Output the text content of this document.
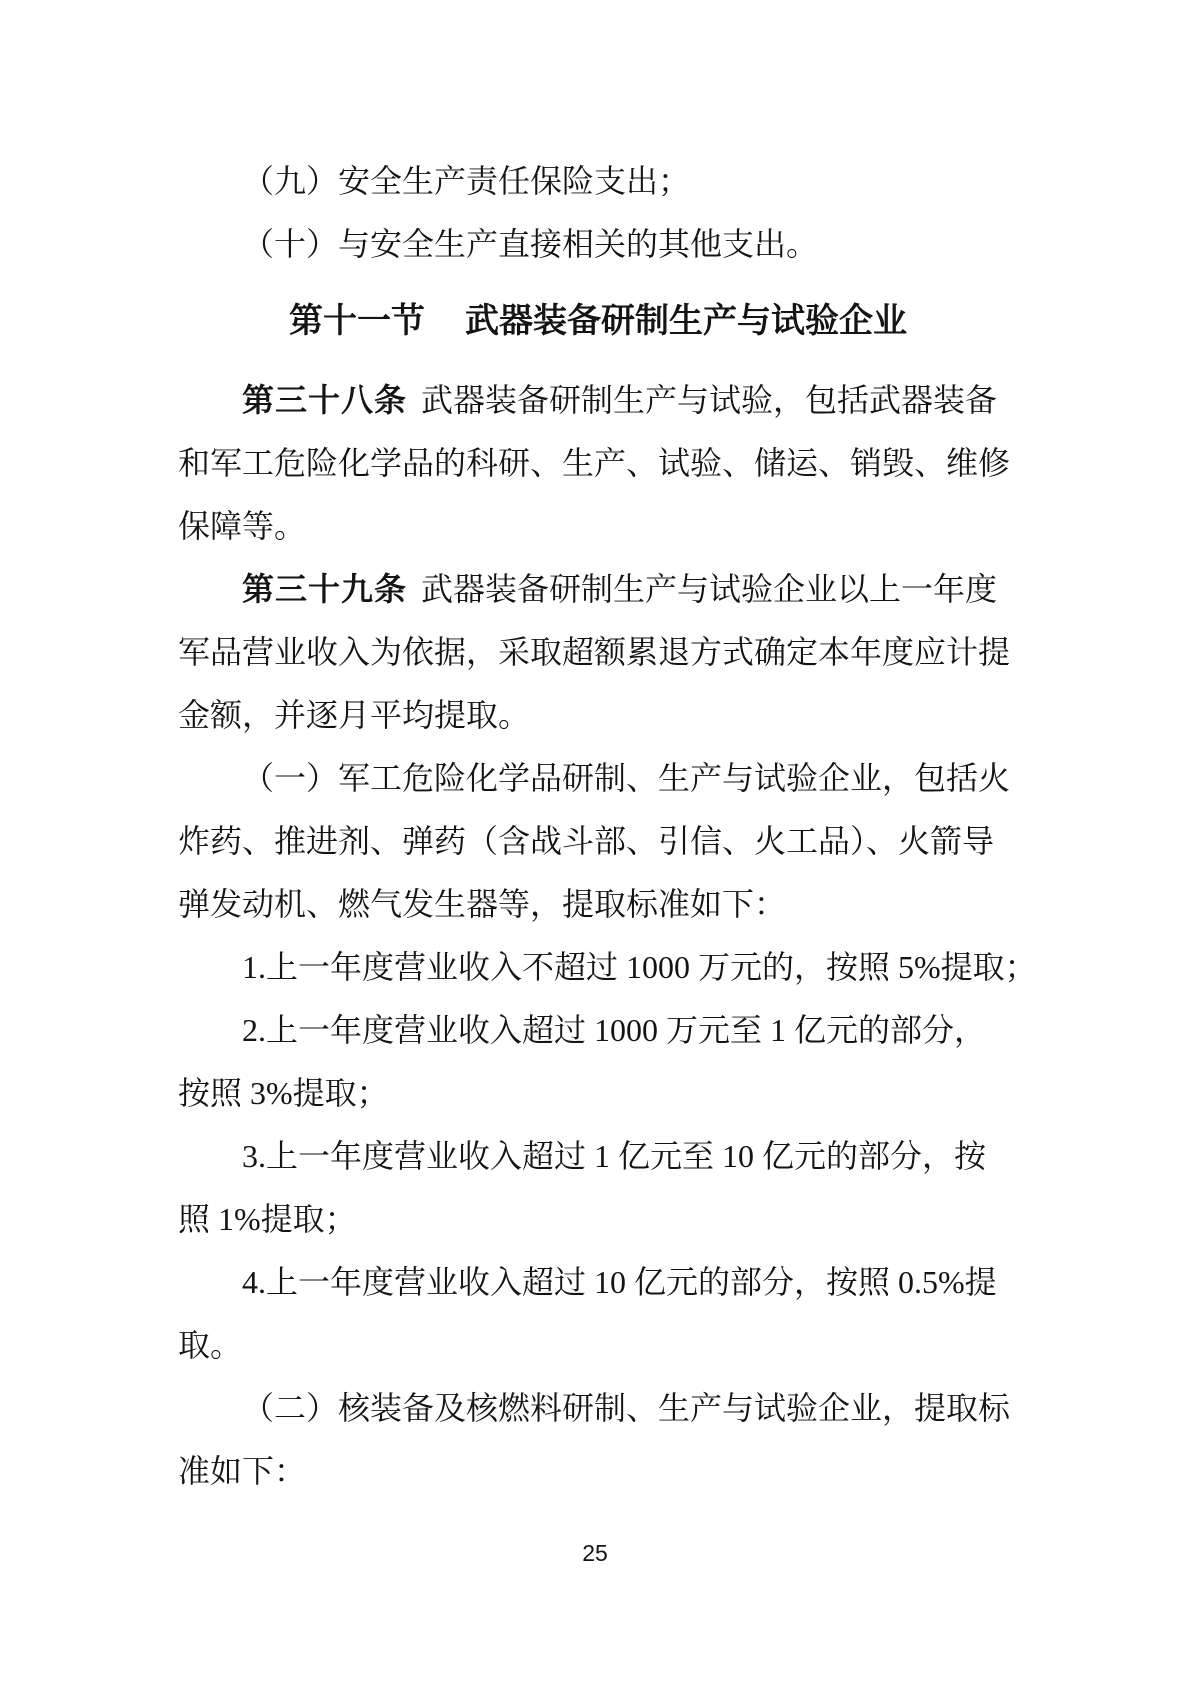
（九）安全生产责任保险支出；
（十）与安全生产直接相关的其他支出。
第十一节 武器装备研制生产与试验企业
第三十八条 武器装备研制生产与试验，包括武器装备
和军工危险化学品的科研、生产、试验、储运、销毁、维修
保障等。
第三十九条 武器装备研制生产与试验企业以上一年度
军品营业收入为依据，采取超额累退方式确定本年度应计提
金额，并逐月平均提取。
（一）军工危险化学品研制、生产与试验企业，包括火
炸药、推进剂、弹药（含战斗部、引信、火工品）、火箭导
弹发动机、燃气发生器等，提取标准如下：
1.上一年度营业收入不超过 1000 万元的，按照 5%提取；
2.上一年度营业收入超过 1000 万元至 1 亿元的部分，
按照 3%提取；
3.上一年度营业收入超过 1 亿元至 10 亿元的部分，按
照 1%提取；
4.上一年度营业收入超过 10 亿元的部分，按照 0.5%提
取。
（二）核装备及核燃料研制、生产与试验企业，提取标
准如下：
25
